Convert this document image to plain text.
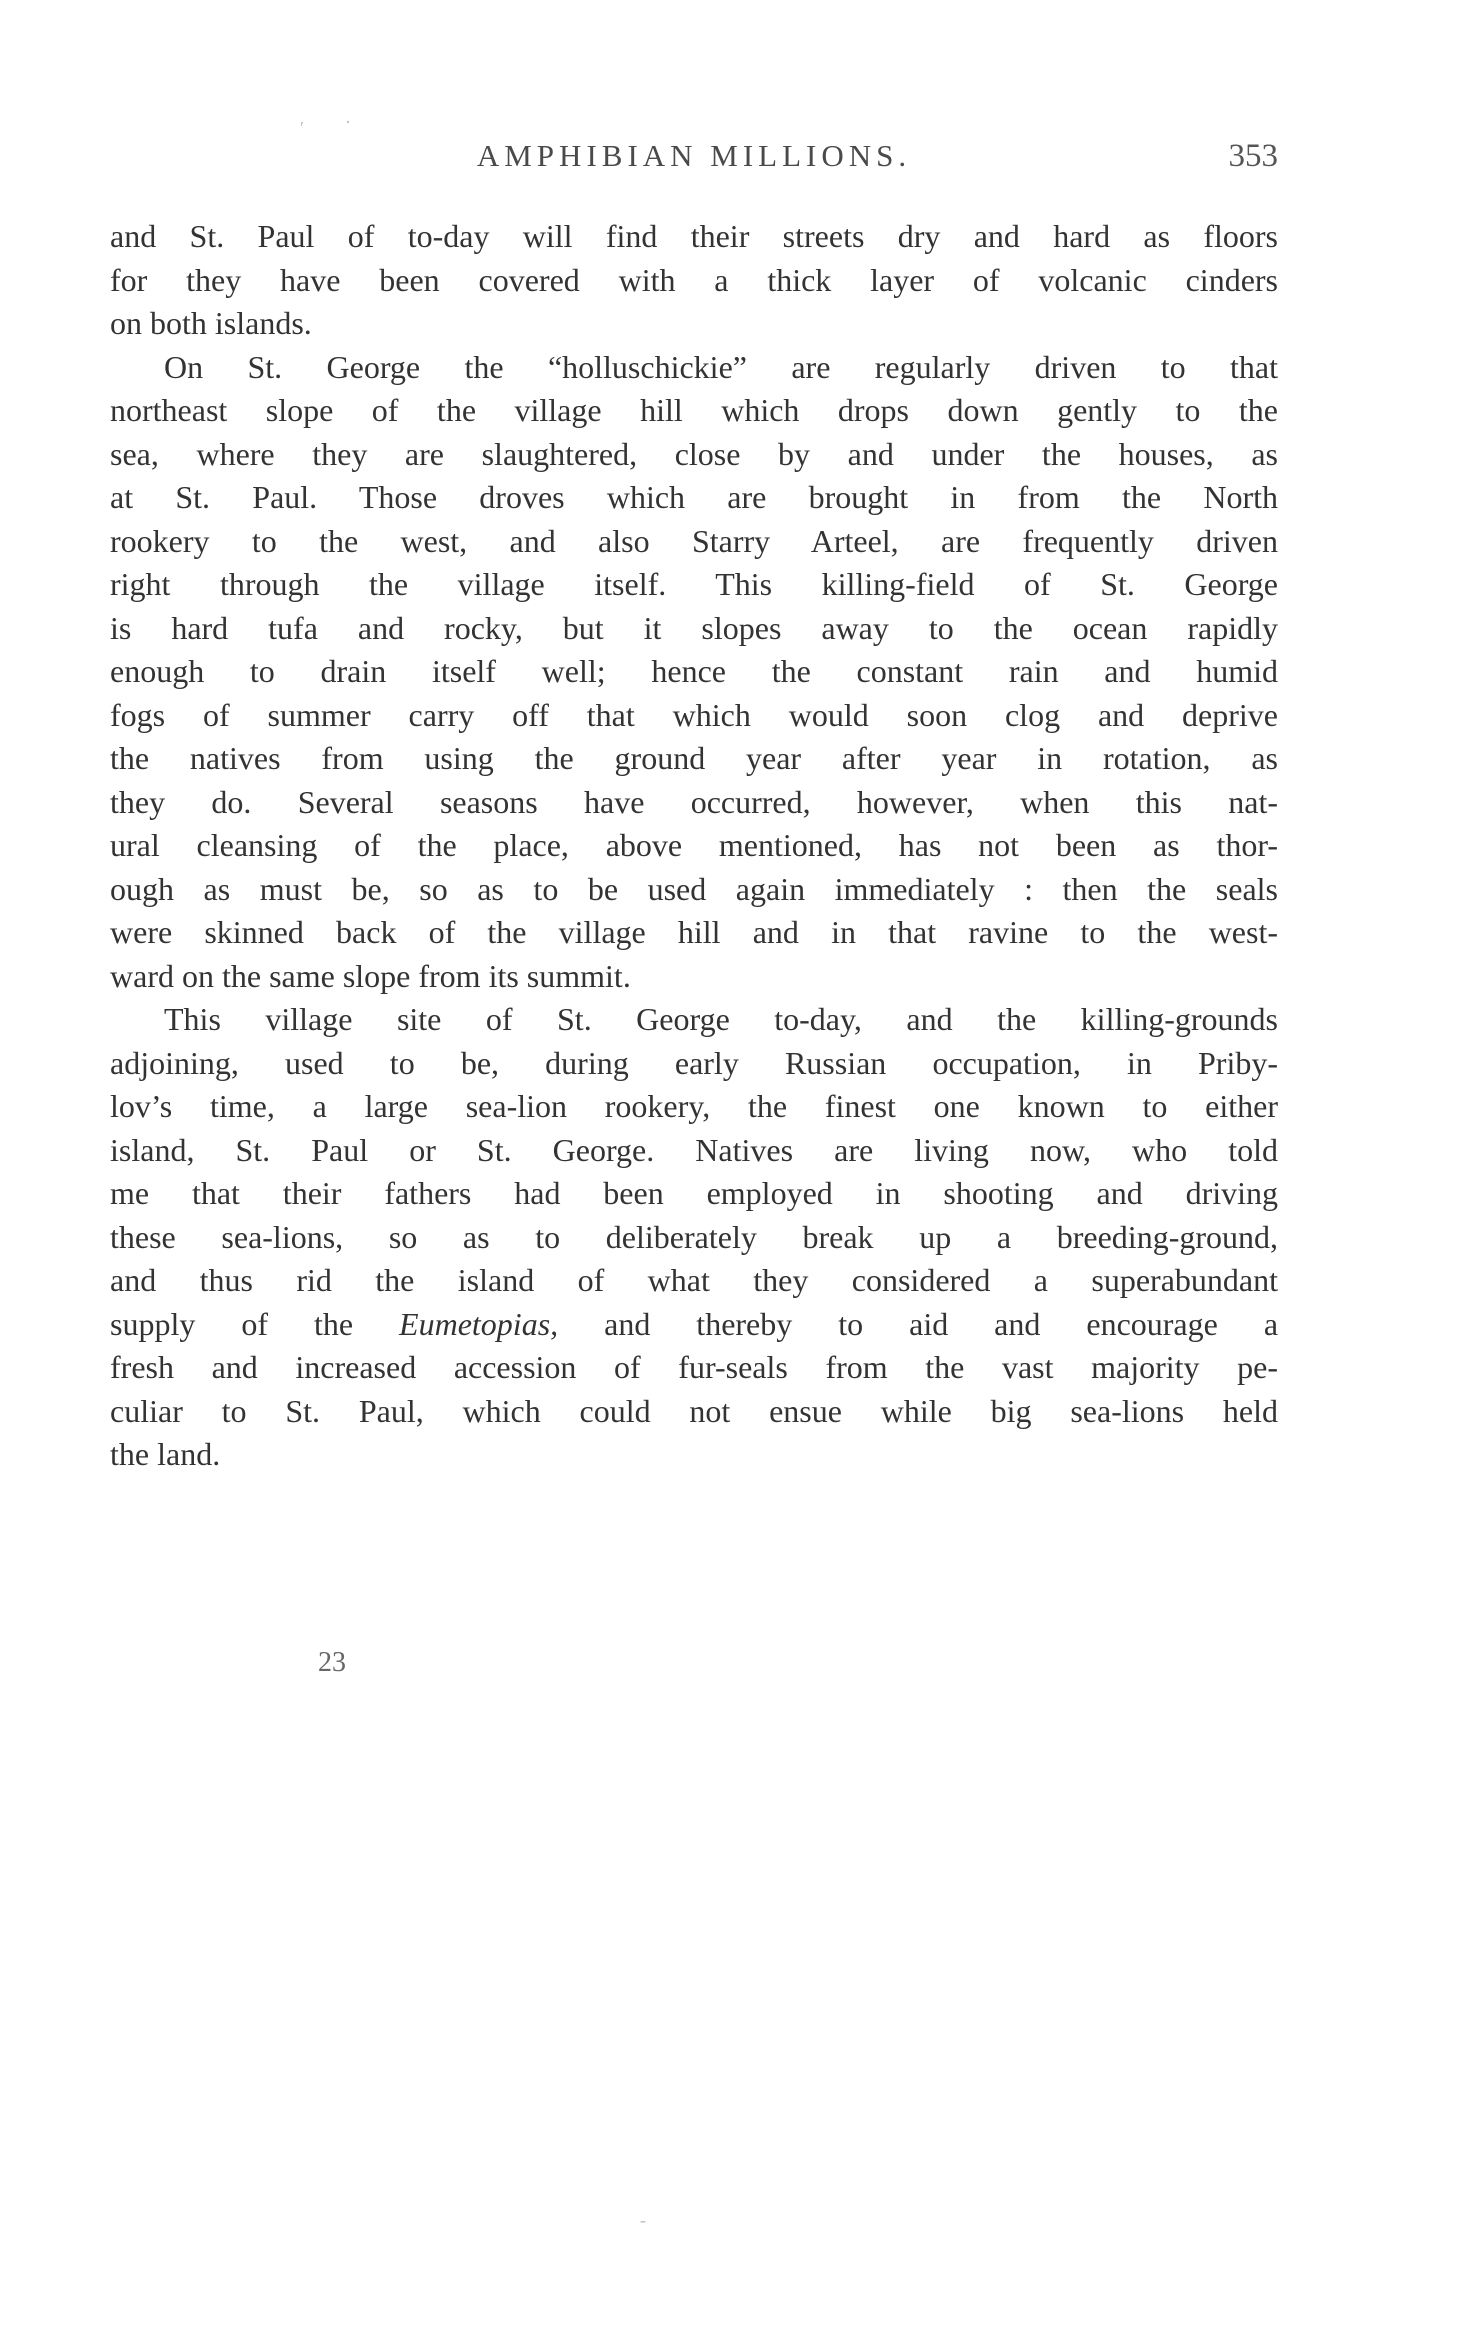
′ ·
AMPHIBIAN MILLIONS.	353
and St. Paul of to-day will find their streets dry and hard as floors
for they have been covered with a thick layer of volcanic cinders
on both islands.
On St. George the “holluschickie” are regularly driven to that
northeast slope of the village hill which drops down gently to the
sea, where they are slaughtered, close by and under the houses, as
at St. Paul. Those droves which are brought in from the North
rookery to the west, and also Starry Arteel, are frequently driven
right through the village itself. This killing-field of St. George
is hard tufa and rocky, but it slopes away to the ocean rapidly
enough to drain itself well; hence the constant rain and humid
fogs of summer carry off that which would soon clog and deprive
the natives from using the ground year after year in rotation, as
they do. Several seasons have occurred, however, when this nat-
ural cleansing of the place, above mentioned, has not been as thor-
ough as must be, so as to be used again immediately : then the seals
were skinned back of the village hill and in that ravine to the west-
ward on the same slope from its summit.
This village site of St. George to-day, and the killing-grounds
adjoining, used to be, during early Russian occupation, in Priby-
lov’s time, a large sea-lion rookery, the finest one known to either
island, St. Paul or St. George. Natives are living now, who told
me that their fathers had been employed in shooting and driving
these sea-lions, so as to deliberately break up a breeding-ground,
and thus rid the island of what they considered a superabundant
supply of the Eumetopias, and thereby to aid and encourage a
fresh and increased accession of fur-seals from the vast majority pe-
culiar to St. Paul, which could not ensue while big sea-lions held
the land.
23
-
